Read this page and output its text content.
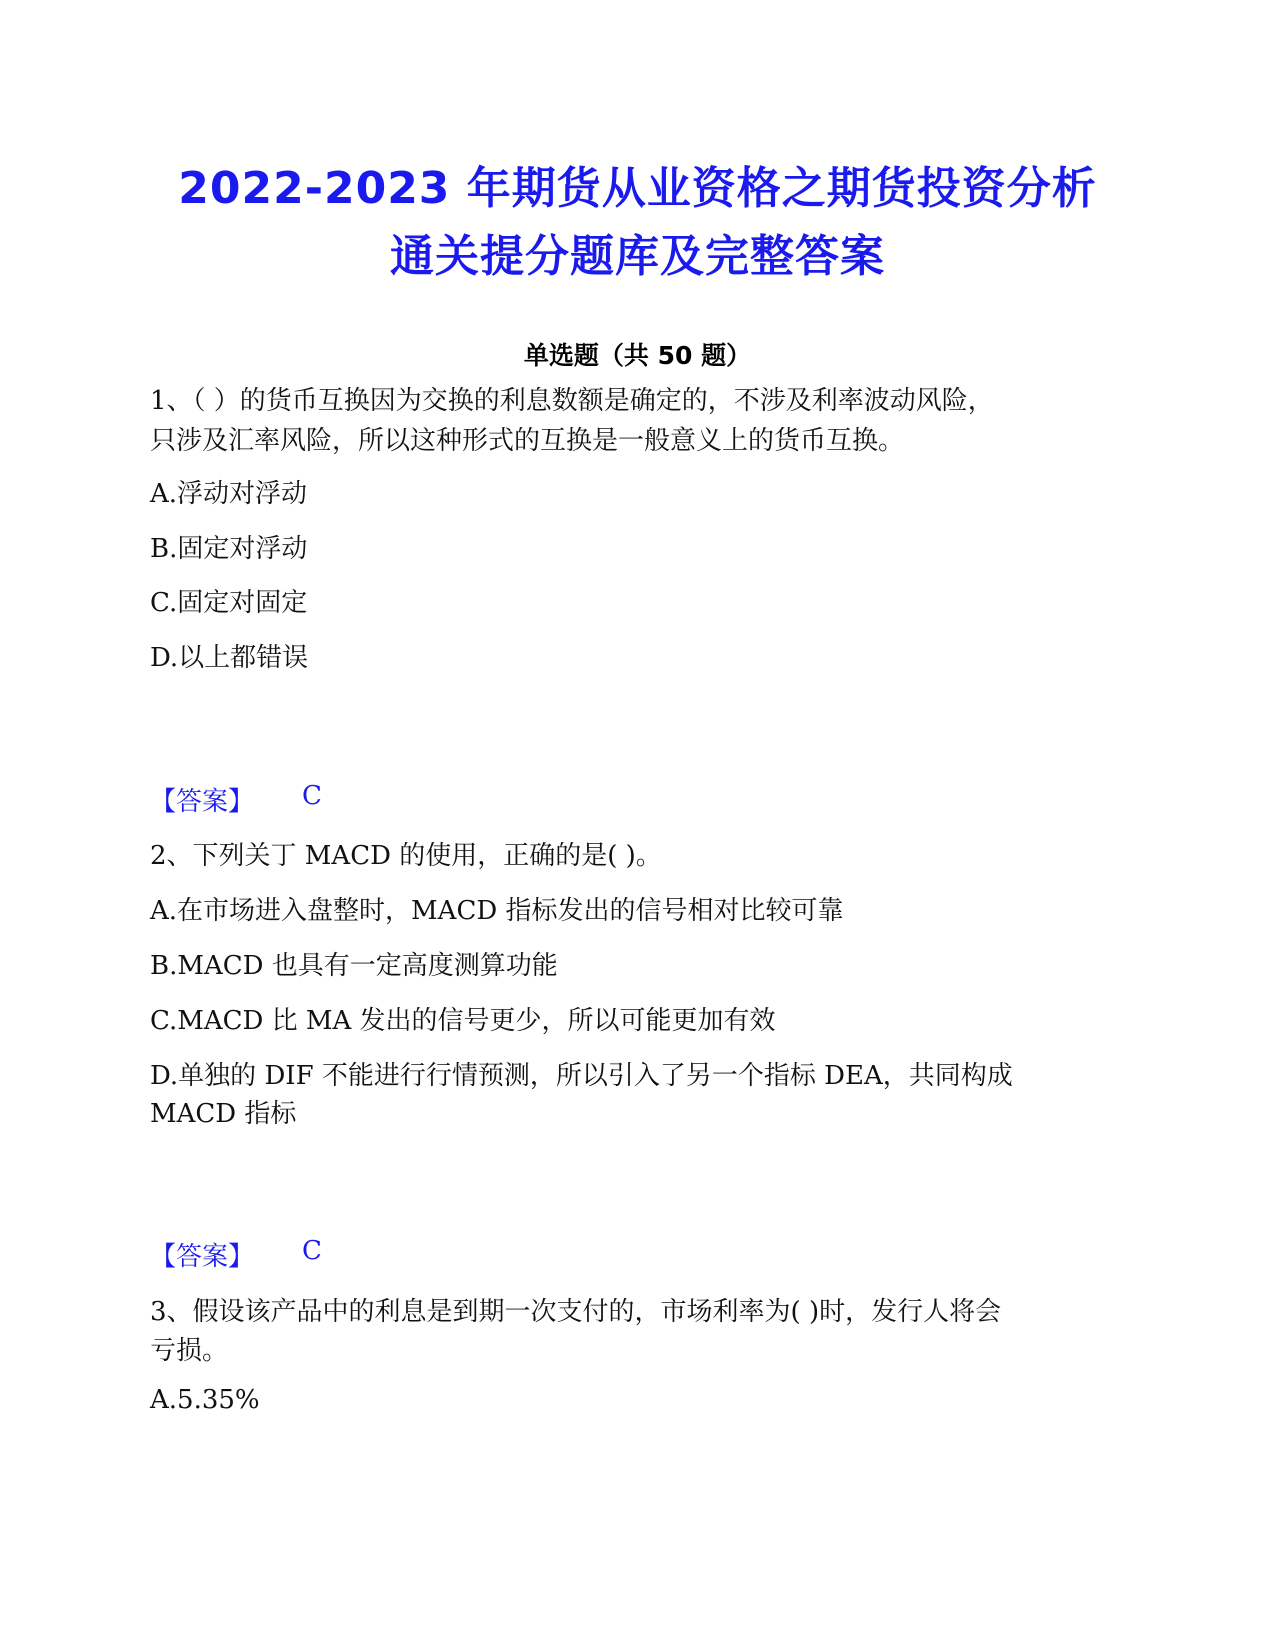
2022-2023 年期货从业资格之期货投资分析
通关提分题库及完整答案
单选题（共 50 题）
1、（ ）的货币互换因为交换的利息数额是确定的，不涉及利率波动风险，
只涉及汇率风险，所以这种形式的互换是一般意义上的货币互换。
A.浮动对浮动
B.固定对浮动
C.固定对固定
D.以上都错误
【答案】 C
2、下列关丁 MACD 的使用，正确的是( )。
A.在市场进入盘整时，MACD 指标发出的信号相对比较可靠
B.MACD 也具有一定高度测算功能
C.MACD 比 MA 发出的信号更少，所以可能更加有效
D.单独的 DIF 不能进行行情预测，所以引入了另一个指标 DEA，共同构成
MACD 指标
【答案】 C
3、假设该产品中的利息是到期一次支付的，市场利率为( )时，发行人将会
亏损。
A.5.35%
